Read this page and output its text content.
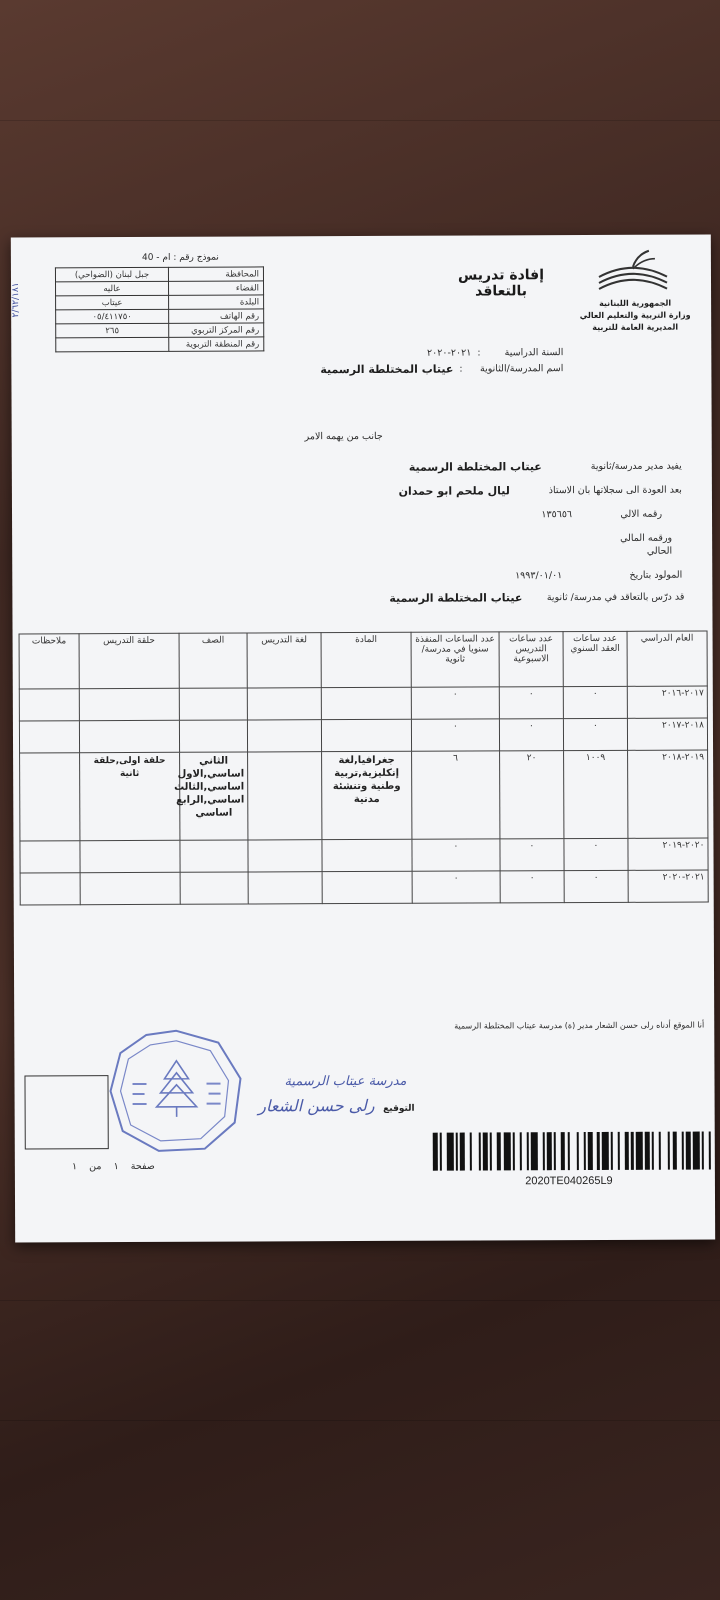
الجمهورية اللبنانية
وزارة التربية والتعليم العالي
المديرية العامة للتربية
إفادة تدريس بالتعاقد
نموذج رقم : ام - 40
المحافظة	جبل لبنان (الضواحي)
القضاء	عاليه
البلدة	عيتاب
رقم الهاتف	٠٥/٤١١٧٥٠
رقم المركز التربوي	٢٦٥
رقم المنطقة التربوية	
٢/٦٢/١٨١
السنة الدراسية
:
٢٠٢١-٢٠٢٠
اسم المدرسة/الثانوية
:
عيتاب المختلطة الرسمية
جانب من يهمه الامر
يفيد مدير مدرسة/ثانوية
عيتاب المختلطة الرسمية
بعد العودة الى سجلاتها بان الاستاذ
ليال ملحم ابو حمدان
رقمه الالي
١٣٥٦٥٦
ورقمه المالي
الحالي
المولود بتاريخ
١٩٩٣/٠١/٠١
قد درّس بالتعاقد في مدرسة/ ثانوية
عيتاب المختلطة الرسمية
العام الدراسي	عدد ساعات العقد السنوي	عدد ساعات التدريس الاسبوعية	عدد الساعات المنفذة سنويا في مدرسة/ثانوية	المادة	لغة التدريس	الصف	حلقة التدريس	ملاحظات
٢٠١٧-٢٠١٦	٠	٠	٠					
٢٠١٨-٢٠١٧	٠	٠	٠					
٢٠١٩-٢٠١٨	١٠٠٩	٢٠	٦	جغرافيا,لغة إنكليزية,تربية وطنية وتنشئة مدنية		الثاني اساسي,الاول اساسي,الثالث اساسي,الرابع اساسي	حلقة اولى,حلقة ثانية	
٢٠٢٠-٢٠١٩	٠	٠	٠					
٢٠٢١-٢٠٢٠	٠	٠	٠					
أنا الموقع أدناه رلى حسن الشعار مدير (ة) مدرسة عيتاب المختلطة الرسمية
مدرسة عيتاب الرسمية
التوقيع
رلى حسن الشعار
صفحة    ١    من    ١
2020TE040265L9
